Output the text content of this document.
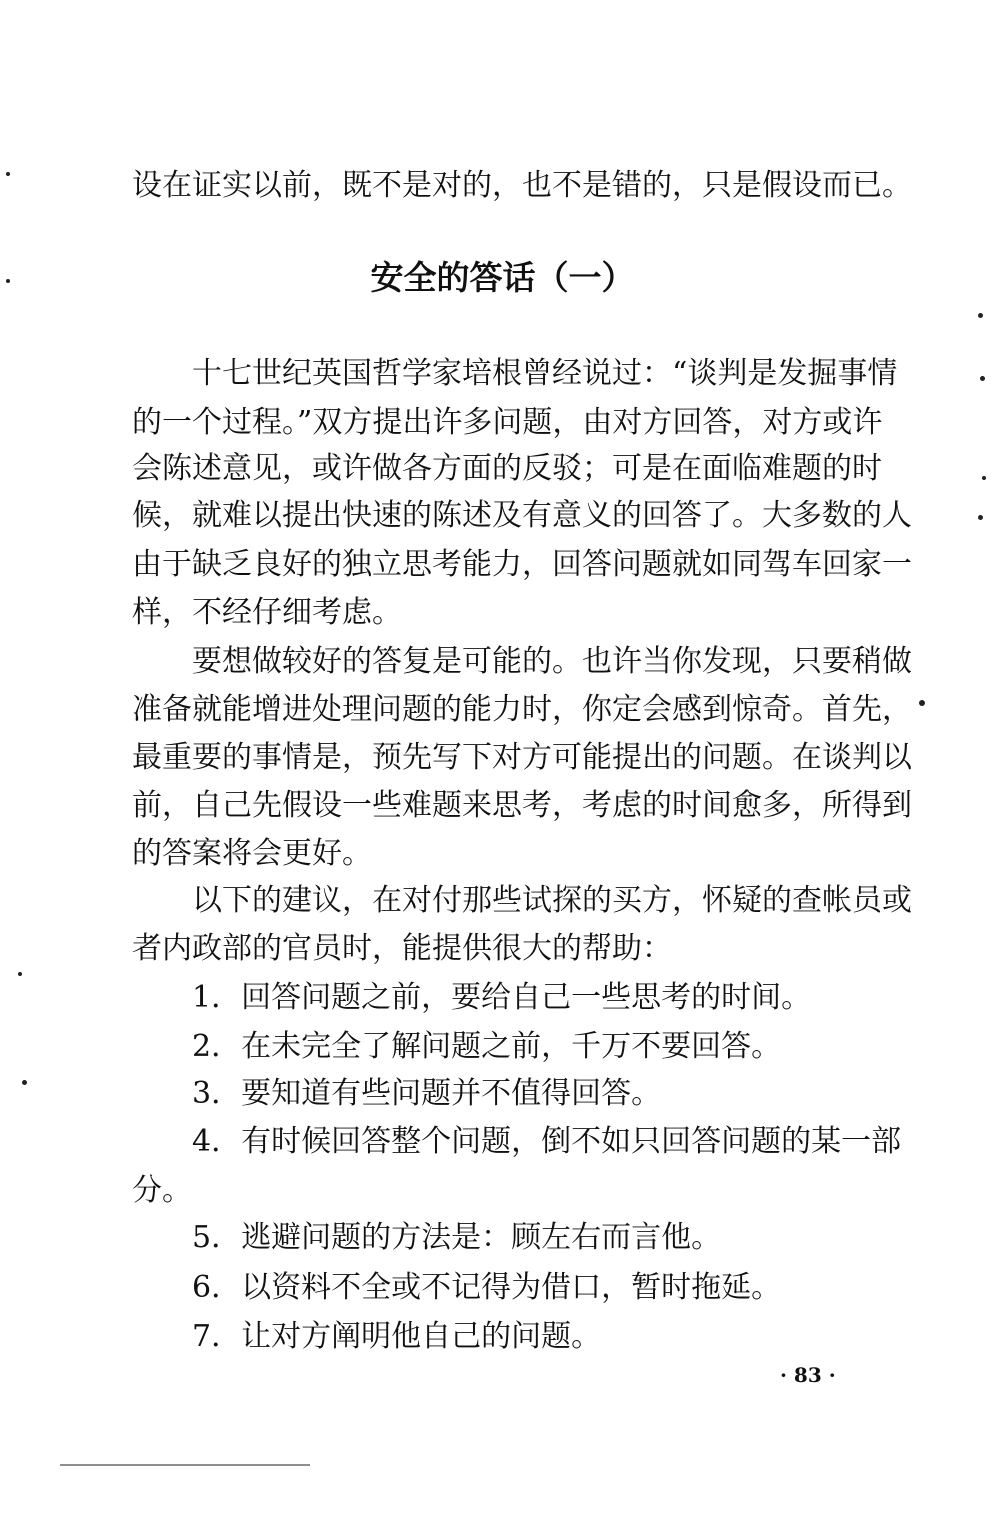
设在证实以前，既不是对的，也不是错的，只是假设而已。
安全的答话（一）
十七世纪英国哲学家培根曾经说过：“谈判是发掘事情
的一个过程。”双方提出许多问题，由对方回答，对方或许
会陈述意见，或许做各方面的反驳；可是在面临难题的时
候，就难以提出快速的陈述及有意义的回答了。大多数的人
由于缺乏良好的独立思考能力，回答问题就如同驾车回家一
样，不经仔细考虑。
要想做较好的答复是可能的。也许当你发现，只要稍做
准备就能增进处理问题的能力时，你定会感到惊奇。首先，
最重要的事情是，预先写下对方可能提出的问题。在谈判以
前，自己先假设一些难题来思考，考虑的时间愈多，所得到
的答案将会更好。
以下的建议，在对付那些试探的买方，怀疑的查帐员或
者内政部的官员时，能提供很大的帮助：
1．回答问题之前，要给自己一些思考的时间。
2．在未完全了解问题之前，千万不要回答。
3．要知道有些问题并不值得回答。
4．有时候回答整个问题，倒不如只回答问题的某一部
分。
5．逃避问题的方法是：顾左右而言他。
6．以资料不全或不记得为借口，暂时拖延。
7．让对方阐明他自己的问题。
· 83 ·
